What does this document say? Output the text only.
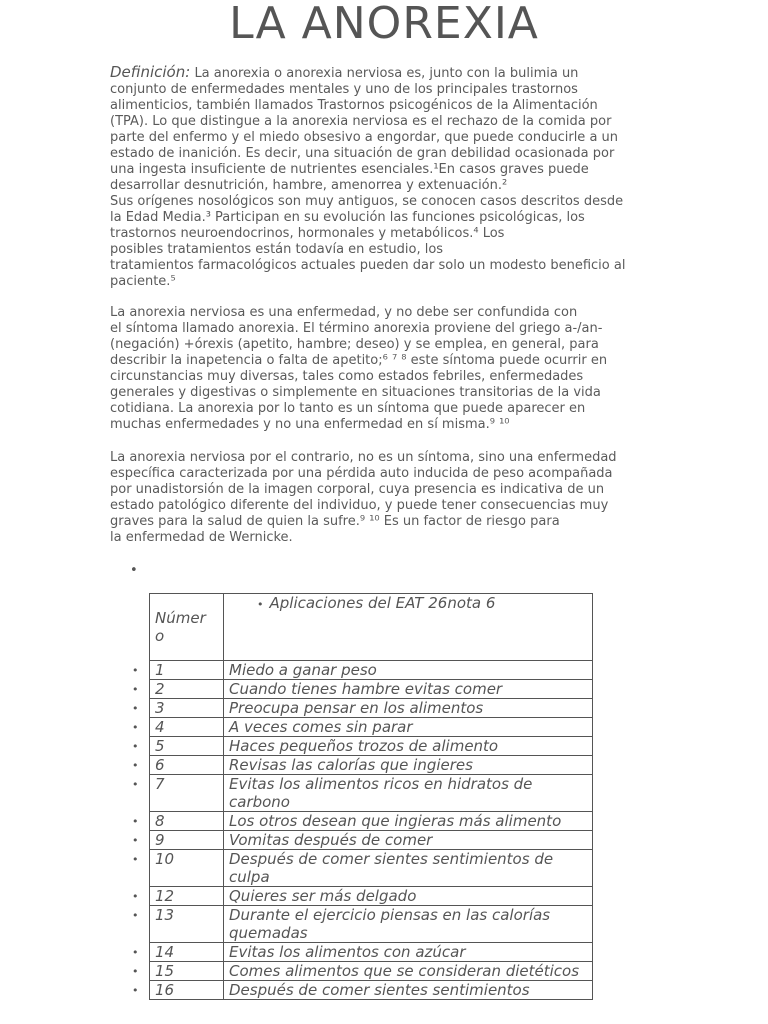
LA ANOREXIA
Definición: La anorexia o anorexia nerviosa es, junto con la bulimia un
conjunto de enfermedades mentales y uno de los principales trastornos
alimenticios, también llamados Trastornos psicogénicos de la Alimentación
(TPA). Lo que distingue a la anorexia nerviosa es el rechazo de la comida por
parte del enfermo y el miedo obsesivo a engordar, que puede conducirle a un
estado de inanición. Es decir, una situación de gran debilidad ocasionada por
una ingesta insuficiente de nutrientes esenciales.¹En casos graves puede
desarrollar desnutrición, hambre, amenorrea y extenuación.²
Sus orígenes nosológicos son muy antiguos, se conocen casos descritos desde
la Edad Media.³ Participan en su evolución las funciones psicológicas, los
trastornos neuroendocrinos, hormonales y metabólicos.⁴ Los
posibles tratamientos están todavía en estudio, los
tratamientos farmacológicos actuales pueden dar solo un modesto beneficio al
paciente.⁵
La anorexia nerviosa es una enfermedad, y no debe ser confundida con
el síntoma llamado anorexia. El término anorexia proviene del griego a-/an-
(negación) +órexis (apetito, hambre; deseo) y se emplea, en general, para
describir la inapetencia o falta de apetito;⁶ ⁷ ⁸ este síntoma puede ocurrir en
circunstancias muy diversas, tales como estados febriles, enfermedades
generales y digestivas o simplemente en situaciones transitorias de la vida
cotidiana. La anorexia por lo tanto es un síntoma que puede aparecer en
muchas enfermedades y no una enfermedad en sí misma.⁹ ¹⁰
La anorexia nerviosa por el contrario, no es un síntoma, sino una enfermedad
específica caracterizada por una pérdida auto inducida de peso acompañada
por unadistorsión de la imagen corporal, cuya presencia es indicativa de un
estado patológico diferente del individuo, y puede tener consecuencias muy
graves para la salud de quien la sufre.⁹ ¹⁰ Es un factor de riesgo para
la enfermedad de Wernicke.
•
Númer o	• Aplicaciones del EAT 26nota 6
1	Miedo a ganar peso
2	Cuando tienes hambre evitas comer
3	Preocupa pensar en los alimentos
4	A veces comes sin parar
5	Haces pequeños trozos de alimento
6	Revisas las calorías que ingieres
7	Evitas los alimentos ricos en hidratos de carbono
8	Los otros desean que ingieras más alimento
9	Vomitas después de comer
10	Después de comer sientes sentimientos de culpa
12	Quieres ser más delgado
13	Durante el ejercicio piensas en las calorías quemadas
14	Evitas los alimentos con azúcar
15	Comes alimentos que se consideran dietéticos
16	Después de comer sientes sentimientos
•
•
•
•
•
•
•
•
•
•
•
•
•
•
•
